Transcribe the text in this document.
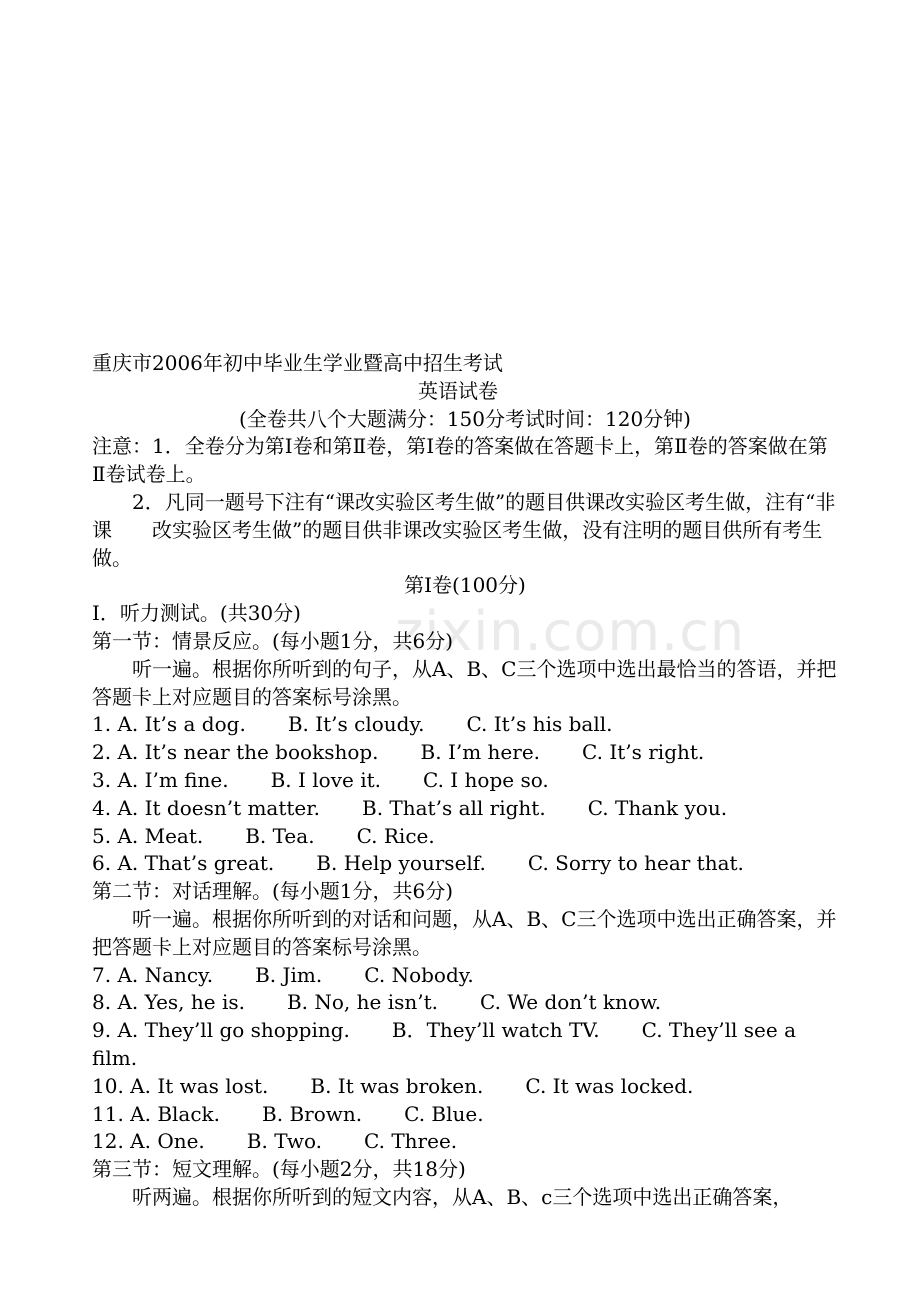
zixin.com.cn
重庆市2006年初中毕业生学业暨高中招生考试
英语试卷
(全卷共八个大题满分：150分考试时间：120分钟)
注意：1．全卷分为第Ⅰ卷和第Ⅱ卷，第Ⅰ卷的答案做在答题卡上，第Ⅱ卷的答案做在第Ⅱ卷试卷上。
2．凡同一题号下注有“课改实验区考生做”的题目供课改实验区考生做，注有“非课　　改实验区考生做”的题目供非课改实验区考生做，没有注明的题目供所有考生做。
第Ⅰ卷(100分)
I．听力测试。(共30分)
第一节：情景反应。(每小题1分，共6分)
听一遍。根据你所听到的句子，从A、B、C三个选项中选出最恰当的答语，并把答题卡上对应题目的答案标号涂黑。
1. A. It’s a dog. B. It’s cloudy. C. It’s his ball.
2. A. It’s near the bookshop. B. I’m here. C. It’s right.
3. A. I’m fine. B. I love it. C. I hope so.
4. A. It doesn’t matter. B. That’s all right. C. Thank you.
5. A. Meat. B. Tea. C. Rice.
6. A. That’s great. B. Help yourself. C. Sorry to hear that.
第二节：对话理解。(每小题1分，共6分)
听一遍。根据你所听到的对话和问题，从A、B、C三个选项中选出正确答案，并把答题卡上对应题目的答案标号涂黑。
7. A. Nancy. B. Jim. C. Nobody.
8. A. Yes, he is. B. No, he isn’t. C. We don’t know.
9. A. They’ll go shopping. B．They’ll watch TV. C. They’ll see a film.
10. A. It was lost. B. It was broken. C. It was locked.
11. A. Black. B. Brown. C. Blue.
12. A. One. B. Two. C. Three.
第三节：短文理解。(每小题2分，共18分)
听两遍。根据你所听到的短文内容，从A、B、c三个选项中选出正确答案，
